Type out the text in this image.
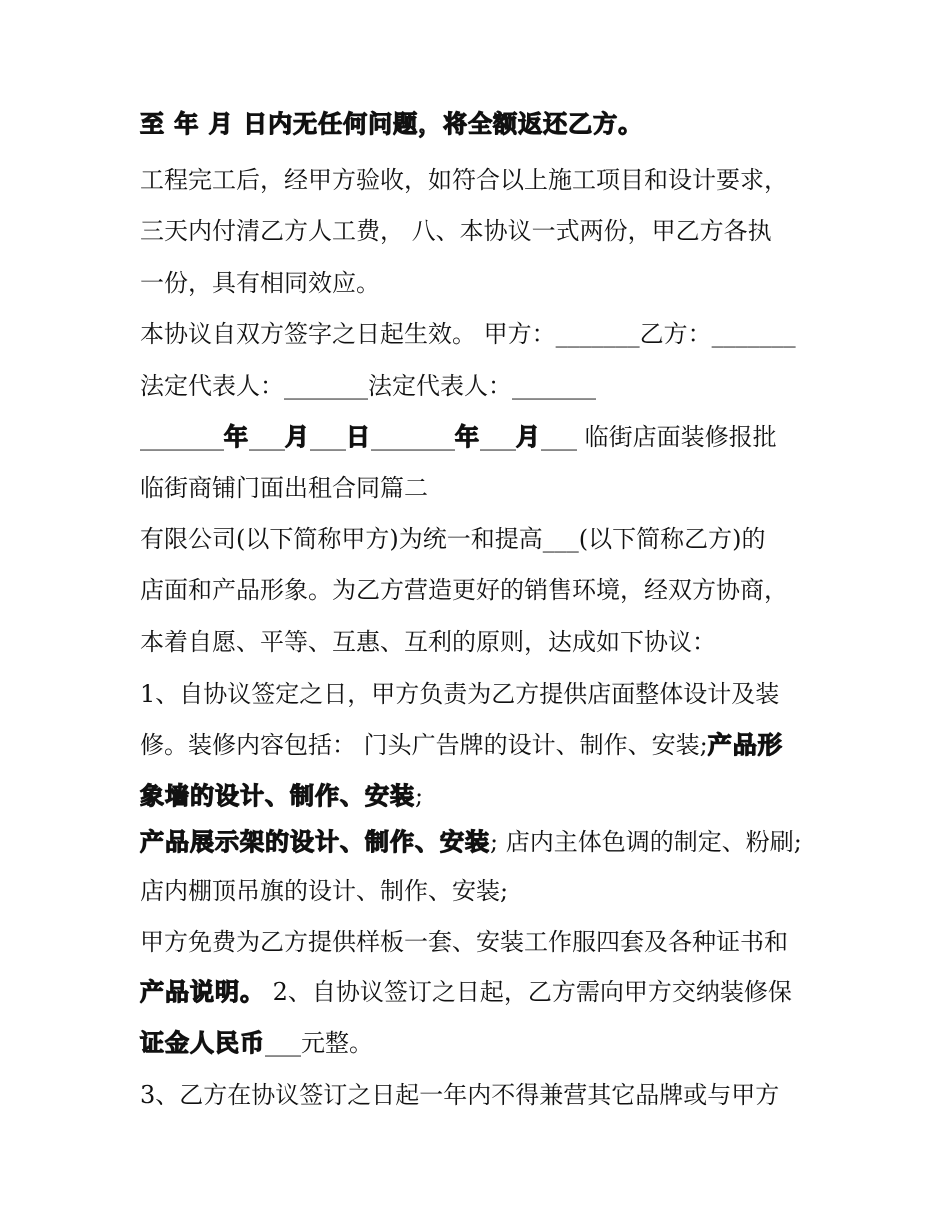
至 年 月 日内无任何问题，将全额返还乙方。
工程完工后，经甲方验收，如符合以上施工项目和设计要求，
三天内付清乙方人工费， 八、本协议一式两份，甲乙方各执
一份，具有相同效应。
本协议自双方签字之日起生效。 甲方：_______乙方：_______
法定代表人：_______法定代表人：_______
_______年___月___日_______年___月___ 临街店面装修报批
临街商铺门面出租合同篇二
有限公司(以下简称甲方)为统一和提高___(以下简称乙方)的
店面和产品形象。为乙方营造更好的销售环境，经双方协商，
本着自愿、平等、互惠、互利的原则，达成如下协议：
1、自协议签定之日，甲方负责为乙方提供店面整体设计及装
修。装修内容包括： 门头广告牌的设计、制作、安装;产品形
象墙的设计、制作、安装;
产品展示架的设计、制作、安装; 店内主体色调的制定、粉刷;
店内棚顶吊旗的设计、制作、安装;
甲方免费为乙方提供样板一套、安装工作服四套及各种证书和
产品说明。 2、自协议签订之日起，乙方需向甲方交纳装修保
证金人民币___元整。
3、乙方在协议签订之日起一年内不得兼营其它品牌或与甲方
